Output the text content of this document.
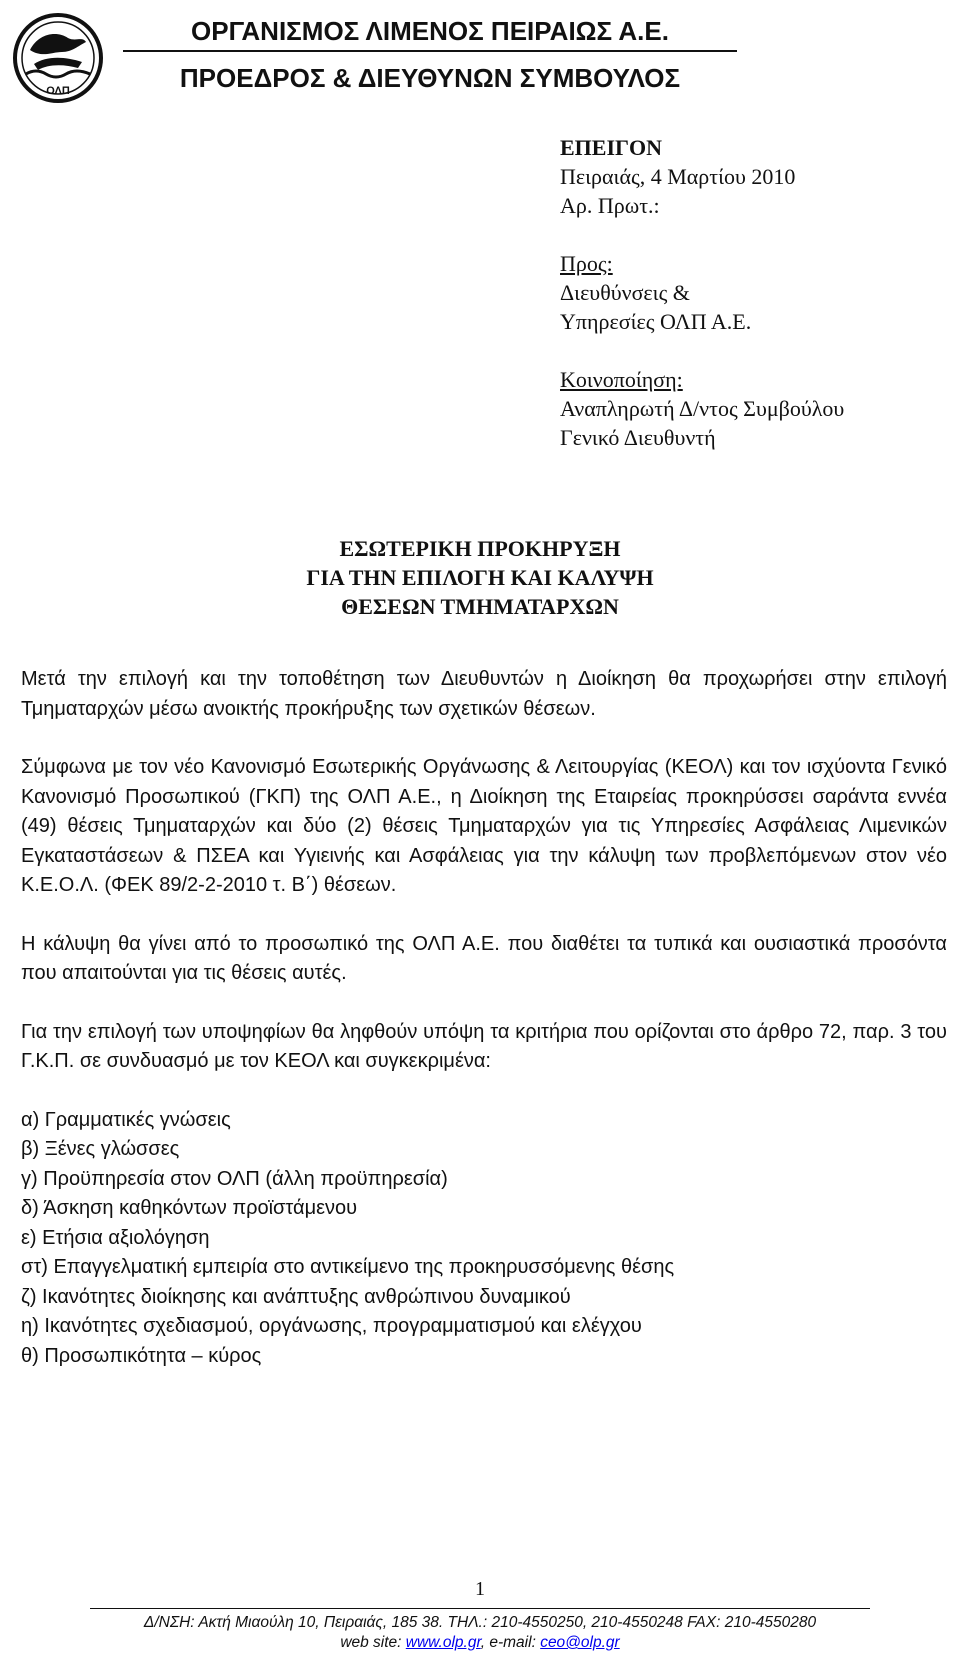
ΟΛΠ
ΟΡΓΑΝΙΣΜΟΣ ΛΙΜΕΝΟΣ ΠΕΙΡΑΙΩΣ Α.Ε.
ΠΡΟΕΔΡΟΣ & ΔΙΕΥΘΥΝΩΝ ΣΥΜΒΟΥΛΟΣ
ΕΠΕΙΓΟΝ
Πειραιάς, 4 Μαρτίου 2010
Αρ. Πρωτ.:
Προς:
Διευθύνσεις &
Υπηρεσίες ΟΛΠ Α.Ε.
Κοινοποίηση:
Αναπληρωτή Δ/ντος Συμβούλου
Γενικό Διευθυντή
ΕΣΩΤΕΡΙΚΗ ΠΡΟΚΗΡΥΞΗ
ΓΙΑ ΤΗΝ ΕΠΙΛΟΓΗ ΚΑΙ ΚΑΛΥΨΗ
ΘΕΣΕΩΝ ΤΜΗΜΑΤΑΡΧΩΝ

Μετά την επιλογή και την τοποθέτηση των Διευθυντών η Διοίκηση θα προχωρήσει στην επιλογή Τμηματαρχών μέσω ανοικτής προκήρυξης των σχετικών θέσεων.

Σύμφωνα με τον νέο Κανονισμό Εσωτερικής Οργάνωσης & Λειτουργίας (ΚΕΟΛ) και τον ισχύοντα Γενικό Κανονισμό Προσωπικού (ΓΚΠ) της ΟΛΠ Α.Ε., η Διοίκηση της Εταιρείας προκηρύσσει σαράντα εννέα (49) θέσεις Τμηματαρχών και δύο (2) θέσεις Τμηματαρχών για τις Υπηρεσίες Ασφάλειας Λιμενικών Εγκαταστάσεων & ΠΣΕΑ και Υγιεινής και Ασφάλειας για την κάλυψη των προβλεπόμενων στον νέο Κ.Ε.Ο.Λ. (ΦΕΚ 89/2-2-2010 τ. Β΄) θέσεων.

Η κάλυψη θα γίνει από το προσωπικό της ΟΛΠ Α.Ε. που διαθέτει τα τυπικά και ουσιαστικά προσόντα που απαιτούνται για τις θέσεις αυτές.

Για την επιλογή των υποψηφίων θα ληφθούν υπόψη τα κριτήρια που ορίζονται στο άρθρο 72, παρ. 3 του Γ.Κ.Π. σε συνδυασμό με τον ΚΕΟΛ και συγκεκριμένα:

α) Γραμματικές γνώσεις
β) Ξένες γλώσσες
γ) Προϋπηρεσία στον ΟΛΠ (άλλη προϋπηρεσία)
δ) Άσκηση καθηκόντων προϊστάμενου
ε) Ετήσια αξιολόγηση
στ) Επαγγελματική εμπειρία στο αντικείμενο της προκηρυσσόμενης θέσης
ζ) Ικανότητες διοίκησης και ανάπτυξης ανθρώπινου δυναμικού
η) Ικανότητες σχεδιασμού, οργάνωσης, προγραμματισμού και ελέγχου
θ) Προσωπικότητα – κύρος
1
Δ/ΝΣΗ: Ακτή Μιαούλη 10, Πειραιάς, 185 38. ΤΗΛ.: 210-4550250, 210-4550248 FAX: 210-4550280
web site: www.olp.gr, e-mail: ceo@olp.gr
